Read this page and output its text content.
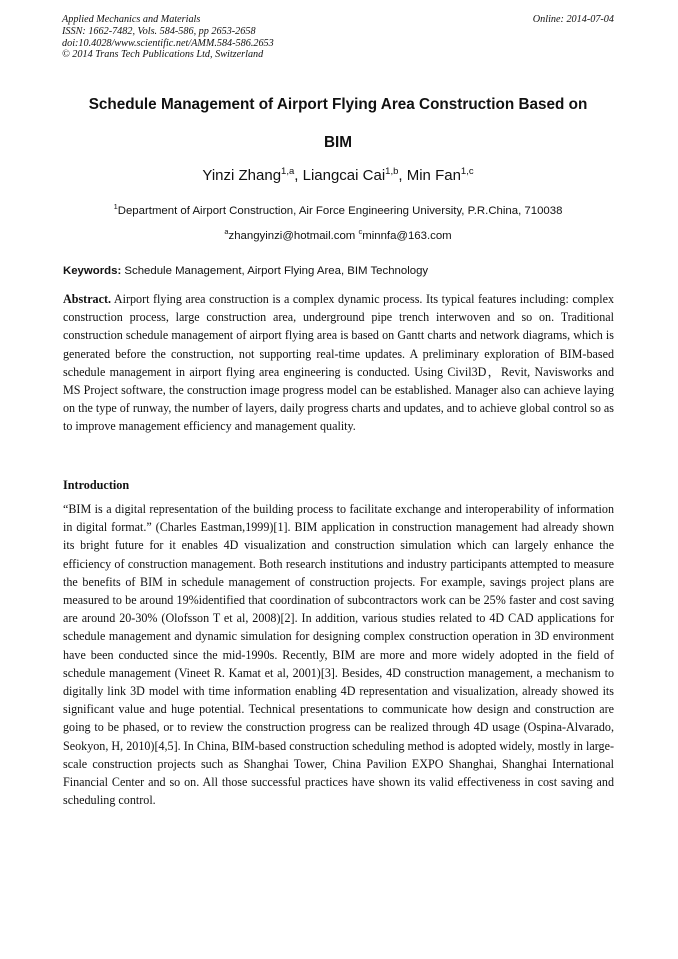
Applied Mechanics and Materials
ISSN: 1662-7482, Vols. 584-586, pp 2653-2658
doi:10.4028/www.scientific.net/AMM.584-586.2653
© 2014 Trans Tech Publications Ltd, Switzerland
Online: 2014-07-04
Schedule Management of Airport Flying Area Construction Based on
BIM
Yinzi Zhang$^{1,a}$, Liangcai Cai$^{1,b}$, Min Fan$^{1,c}$
$^1$Department of Airport Construction, Air Force Engineering University, P.R.China, 710038
$^a$zhangyinzi@hotmail.com $^c$minnfa@163.com
Keywords: Schedule Management, Airport Flying Area, BIM Technology
Abstract. Airport flying area construction is a complex dynamic process. Its typical features including: complex construction process, large construction area, underground pipe trench interwoven and so on. Traditional construction schedule management of airport flying area is based on Gantt charts and network diagrams, which is generated before the construction, not supporting real-time updates. A preliminary exploration of BIM-based schedule management in airport flying area engineering is conducted. Using Civil3D，Revit, Navisworks and MS Project software, the construction image progress model can be established. Manager also can achieve laying on the type of runway, the number of layers, daily progress charts and updates, and to achieve global control so as to improve management efficiency and management quality.
Introduction
“BIM is a digital representation of the building process to facilitate exchange and interoperability of information in digital format.” (Charles Eastman,1999)[1]. BIM application in construction management had already shown its bright future for it enables 4D visualization and construction simulation which can largely enhance the efficiency of construction management. Both research institutions and industry participants attempted to measure the benefits of BIM in schedule management of construction projects. For example, savings project plans are measured to be around 19%identified that coordination of subcontractors work can be 25% faster and cost saving are around 20-30% (Olofsson T et al, 2008)[2]. In addition, various studies related to 4D CAD applications for schedule management and dynamic simulation for designing complex construction operation in 3D environment have been conducted since the mid-1990s. Recently, BIM are more and more widely adopted in the field of schedule management (Vineet R. Kamat et al, 2001)[3]. Besides, 4D construction management, a mechanism to digitally link 3D model with time information enabling 4D representation and visualization, already showed its significant value and huge potential. Technical presentations to communicate how design and construction are going to be phased, or to review the construction progress can be realized through 4D usage (Ospina-Alvarado, Seokyon, H, 2010)[4,5]. In China, BIM-based construction scheduling method is adopted widely, mostly in large-scale construction projects such as Shanghai Tower, China Pavilion EXPO Shanghai, Shanghai International Financial Center and so on. All those successful practices have shown its valid effectiveness in cost saving and scheduling control.
